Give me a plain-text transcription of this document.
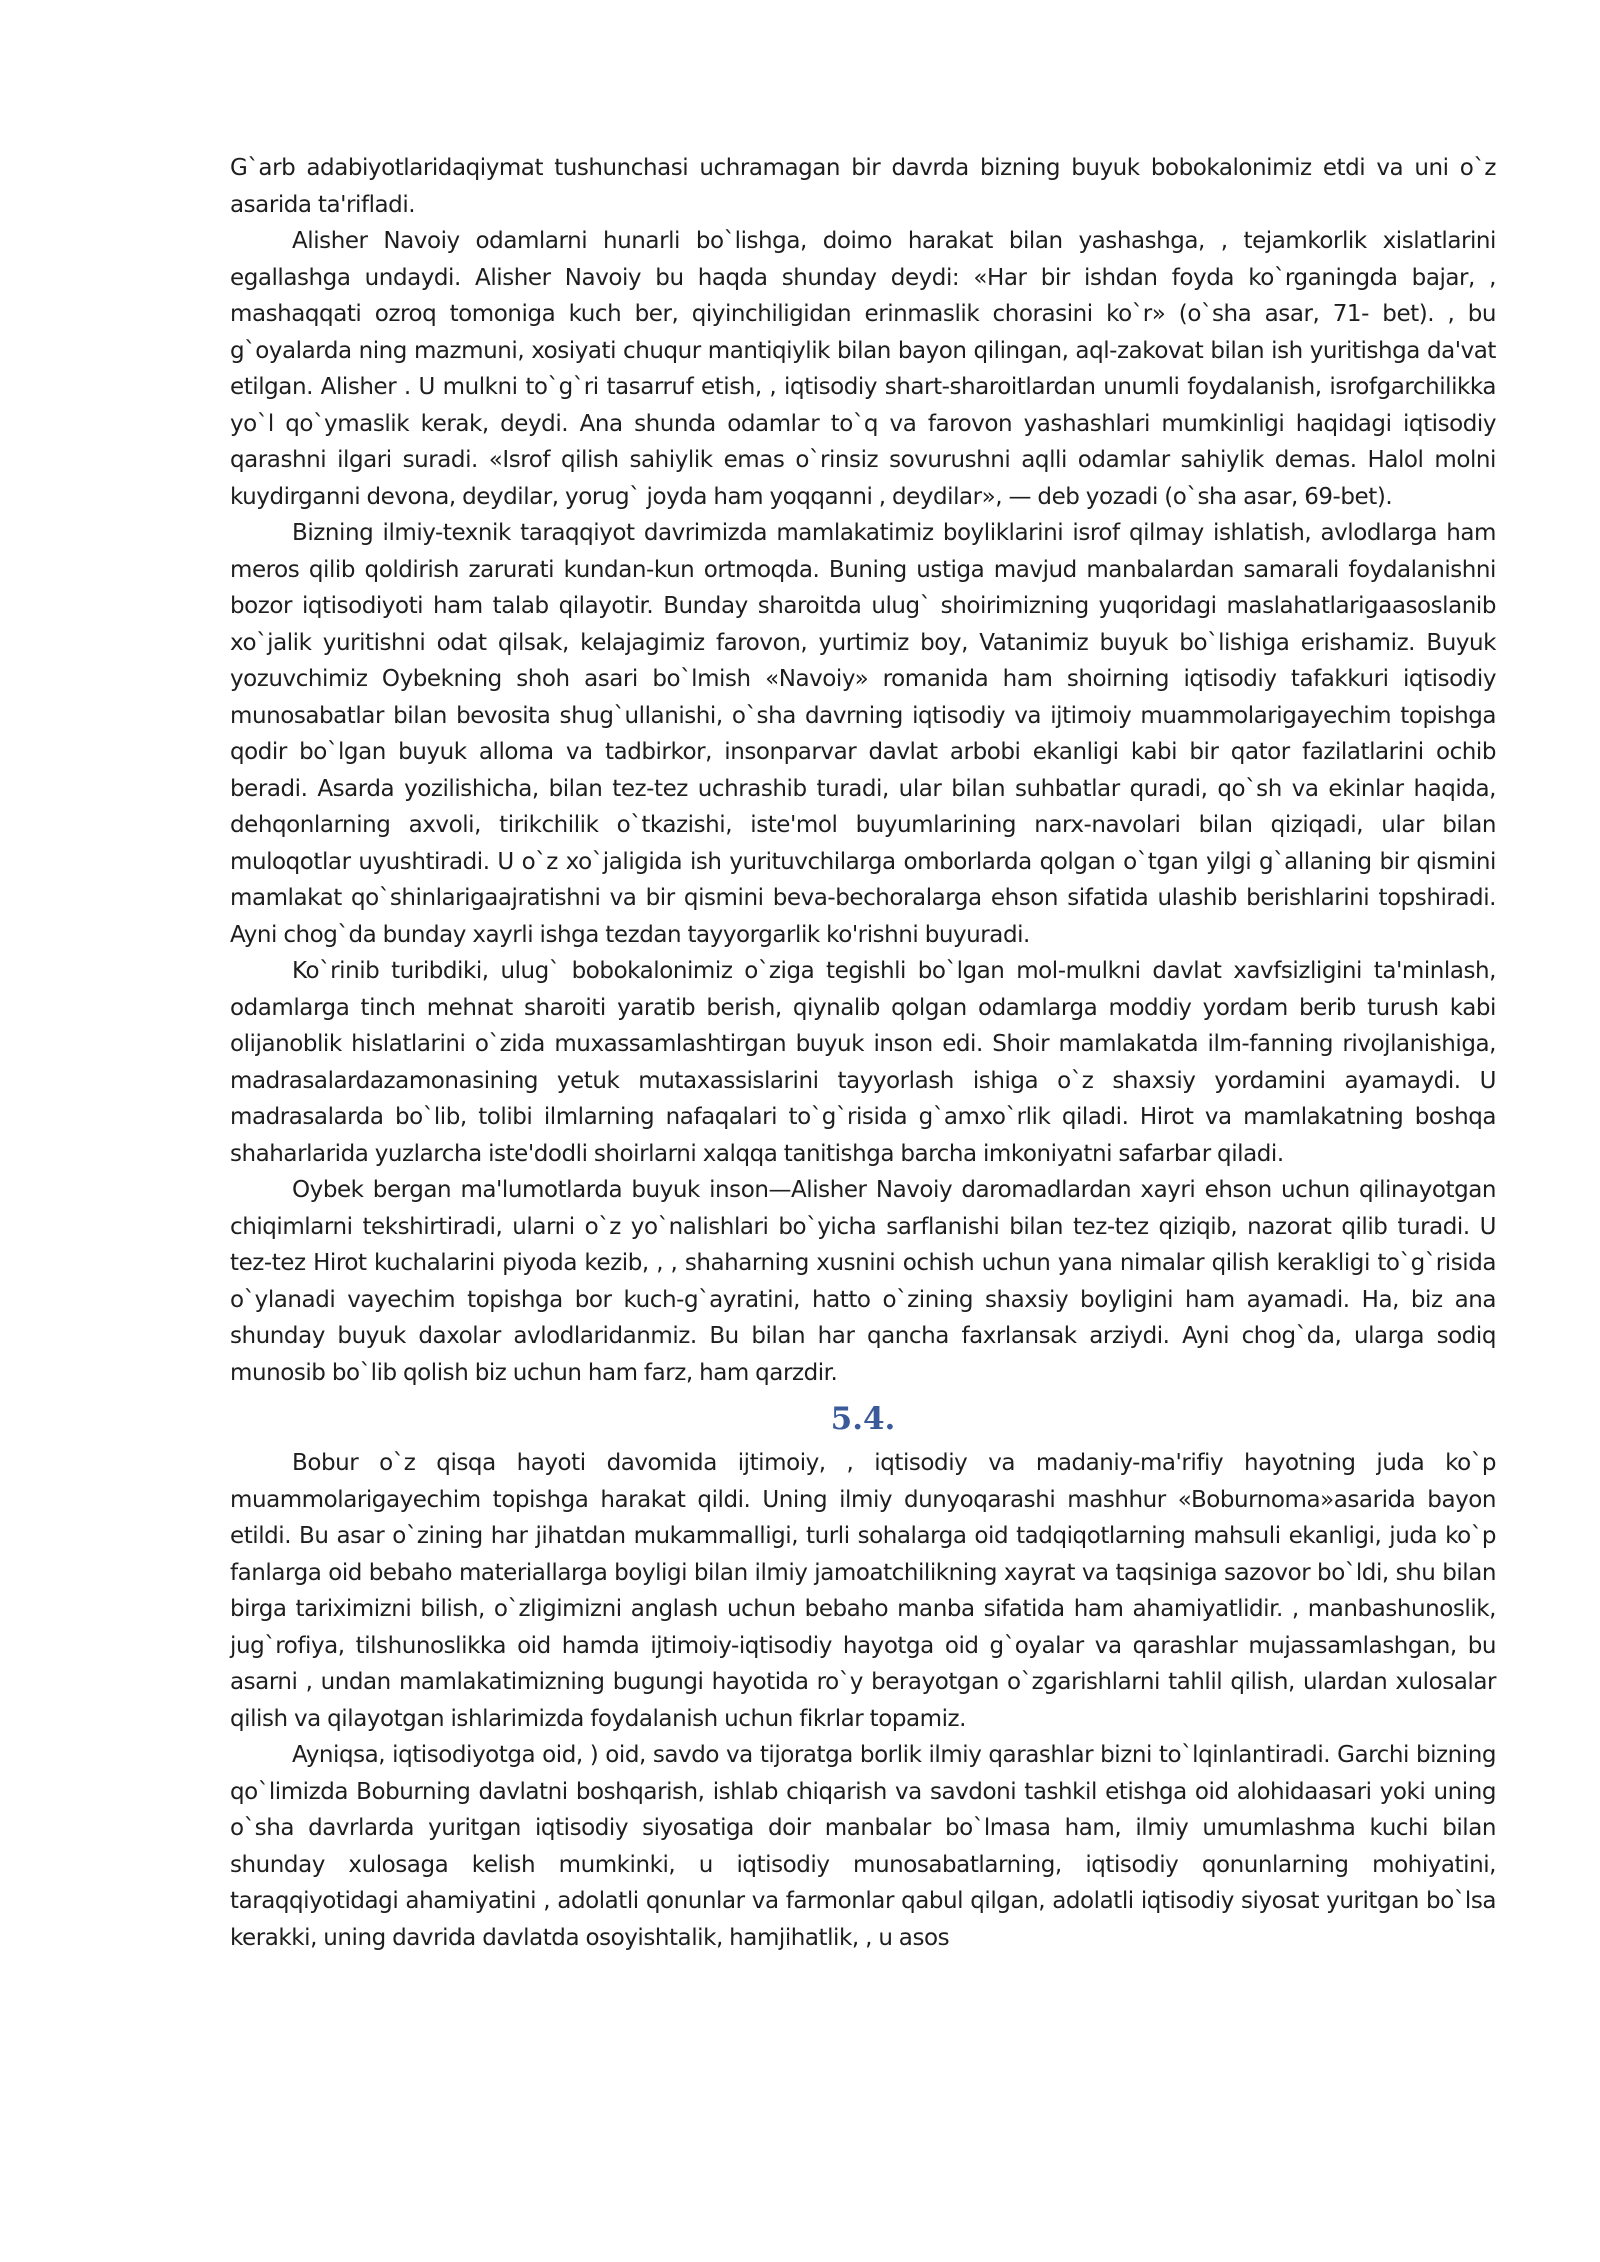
G`arb adabiyotlaridaqiymat tushunchasi uchramagan bir davrda bizning buyuk bobokalonimiz etdi va uni o`z asarida ta'rifladi.

Alisher Navoiy odamlarni hunarli bo`lishga, doimo harakat bilan yashashga, , tejamkorlik xislatlarini egallashga undaydi. Alisher Navoiy bu haqda shunday deydi: «Har bir ishdan foyda ko`rganingda bajar, , mashaqqati ozroq tomoniga kuch ber, qiyinchiligidan erinmaslik chorasini ko`r» (o`sha asar, 71- bet). , bu g`oyalarda ning mazmuni, xosiyati chuqur mantiqiylik bilan bayon qilingan, aql-zakovat bilan ish yuritishga da'vat etilgan. Alisher . U mulkni to`g`ri tasarruf etish, , iqtisodiy shart-sharoitlardan unumli foydalanish, isrofgarchilikka yo`l qo`ymaslik kerak, deydi. Ana shunda odamlar to`q va farovon yashashlari mumkinligi haqidagi iqtisodiy qarashni ilgari suradi. «Isrof qilish sahiylik emas o`rinsiz sovurushni aqlli odamlar sahiylik demas. Halol molni kuydirganni devona, deydilar, yorug` joyda ham yoqqanni , deydilar», — deb yozadi (o`sha asar, 69-bet).

Bizning ilmiy-texnik taraqqiyot davrimizda mamlakatimiz boyliklarini isrof qilmay ishlatish, avlodlarga ham meros qilib qoldirish zarurati kundan-kun ortmoqda. Buning ustiga mavjud manbalardan samarali foydalanishni bozor iqtisodiyoti ham talab qilayotir. Bunday sharoitda ulug` shoirimizning yuqoridagi maslahatlarigaasoslanib xo`jalik yuritishni odat qilsak, kelajagimiz farovon, yurtimiz boy, Vatanimiz buyuk bo`lishiga erishamiz. Buyuk yozuvchimiz Oybekning shoh asari bo`lmish «Navoiy» romanida ham shoirning iqtisodiy tafakkuri iqtisodiy munosabatlar bilan bevosita shug`ullanishi, o`sha davrning iqtisodiy va ijtimoiy muammolarigayechim topishga qodir bo`lgan buyuk alloma va tadbirkor, insonparvar davlat arbobi ekanligi kabi bir qator fazilatlarini ochib beradi. Asarda yozilishicha, bilan tez-tez uchrashib turadi, ular bilan suhbatlar quradi, qo`sh va ekinlar haqida, dehqonlarning axvoli, tirikchilik o`tkazishi, iste'mol buyumlarining narx-navolari bilan qiziqadi, ular bilan muloqotlar uyushtiradi. U o`z xo`jaligida ish yurituvchilarga omborlarda qolgan o`tgan yilgi g`allaning bir qismini mamlakat qo`shinlarigaajratishni va bir qismini beva-bechoralarga ehson sifatida ulashib berishlarini topshiradi. Ayni chog`da bunday xayrli ishga tezdan tayyorgarlik ko'rishni buyuradi.

Ko`rinib turibdiki, ulug` bobokalonimiz o`ziga tegishli bo`lgan mol-mulkni davlat xavfsizligini ta'minlash, odamlarga tinch mehnat sharoiti yaratib berish, qiynalib qolgan odamlarga moddiy yordam berib turush kabi olijanoblik hislatlarini o`zida muxassamlashtirgan buyuk inson edi. Shoir mamlakatda ilm-fanning rivojlanishiga, madrasalardazamonasining yetuk mutaxassislarini tayyorlash ishiga o`z shaxsiy yordamini ayamaydi. U madrasalarda bo`lib, tolibi ilmlarning nafaqalari to`g`risida g`amxo`rlik qiladi. Hirot va mamlakatning boshqa shaharlarida yuzlarcha iste'dodli shoirlarni xalqqa tanitishga barcha imkoniyatni safarbar qiladi.

Oybek bergan ma'lumotlarda buyuk inson—Alisher Navoiy daromadlardan xayri ehson uchun qilinayotgan chiqimlarni tekshirtiradi, ularni o`z yo`nalishlari bo`yicha sarflanishi bilan tez-tez qiziqib, nazorat qilib turadi. U tez-tez Hirot kuchalarini piyoda kezib, , , shaharning xusnini ochish uchun yana nimalar qilish kerakligi to`g`risida o`ylanadi vayechim topishga bor kuch-g`ayratini, hatto o`zining shaxsiy boyligini ham ayamadi. Ha, biz ana shunday buyuk daxolar avlodlaridanmiz. Bu bilan har qancha faxrlansak arziydi. Ayni chog`da, ularga sodiq munosib bo`lib qolish biz uchun ham farz, ham qarzdir.

5.4.

Bobur o`z qisqa hayoti davomida ijtimoiy, , iqtisodiy va madaniy-ma'rifiy hayotning juda ko`p muammolarigayechim topishga harakat qildi. Uning ilmiy dunyoqarashi mashhur «Boburnoma»asarida bayon etildi. Bu asar o`zining har jihatdan mukammalligi, turli sohalarga oid tadqiqotlarning mahsuli ekanligi, juda ko`p fanlarga oid bebaho materiallarga boyligi bilan ilmiy jamoatchilikning xayrat va taqsiniga sazovor bo`ldi, shu bilan birga tariximizni bilish, o`zligimizni anglash uchun bebaho manba sifatida ham ahamiyatlidir. , manbashunoslik, jug`rofiya, tilshunoslikka oid hamda ijtimoiy-iqtisodiy hayotga oid g`oyalar va qarashlar mujassamlashgan, bu asarni , undan mamlakatimizning bugungi hayotida ro`y berayotgan o`zgarishlarni tahlil qilish, ulardan xulosalar qilish va qilayotgan ishlarimizda foydalanish uchun fikrlar topamiz.

Ayniqsa, iqtisodiyotga oid, ) oid, savdo va tijoratga borlik ilmiy qarashlar bizni to`lqinlantiradi. Garchi bizning qo`limizda Boburning davlatni boshqarish, ishlab chiqarish va savdoni tashkil etishga oid alohidaasari yoki uning o`sha davrlarda yuritgan iqtisodiy siyosatiga doir manbalar bo`lmasa ham, ilmiy umumlashma kuchi bilan shunday xulosaga kelish mumkinki, u iqtisodiy munosabatlarning, iqtisodiy qonunlarning mohiyatini, taraqqiyotidagi ahamiyatini , adolatli qonunlar va farmonlar qabul qilgan, adolatli iqtisodiy siyosat yuritgan bo`lsa kerakki, uning davrida davlatda osoyishtalik, hamjihatlik, , u asos
